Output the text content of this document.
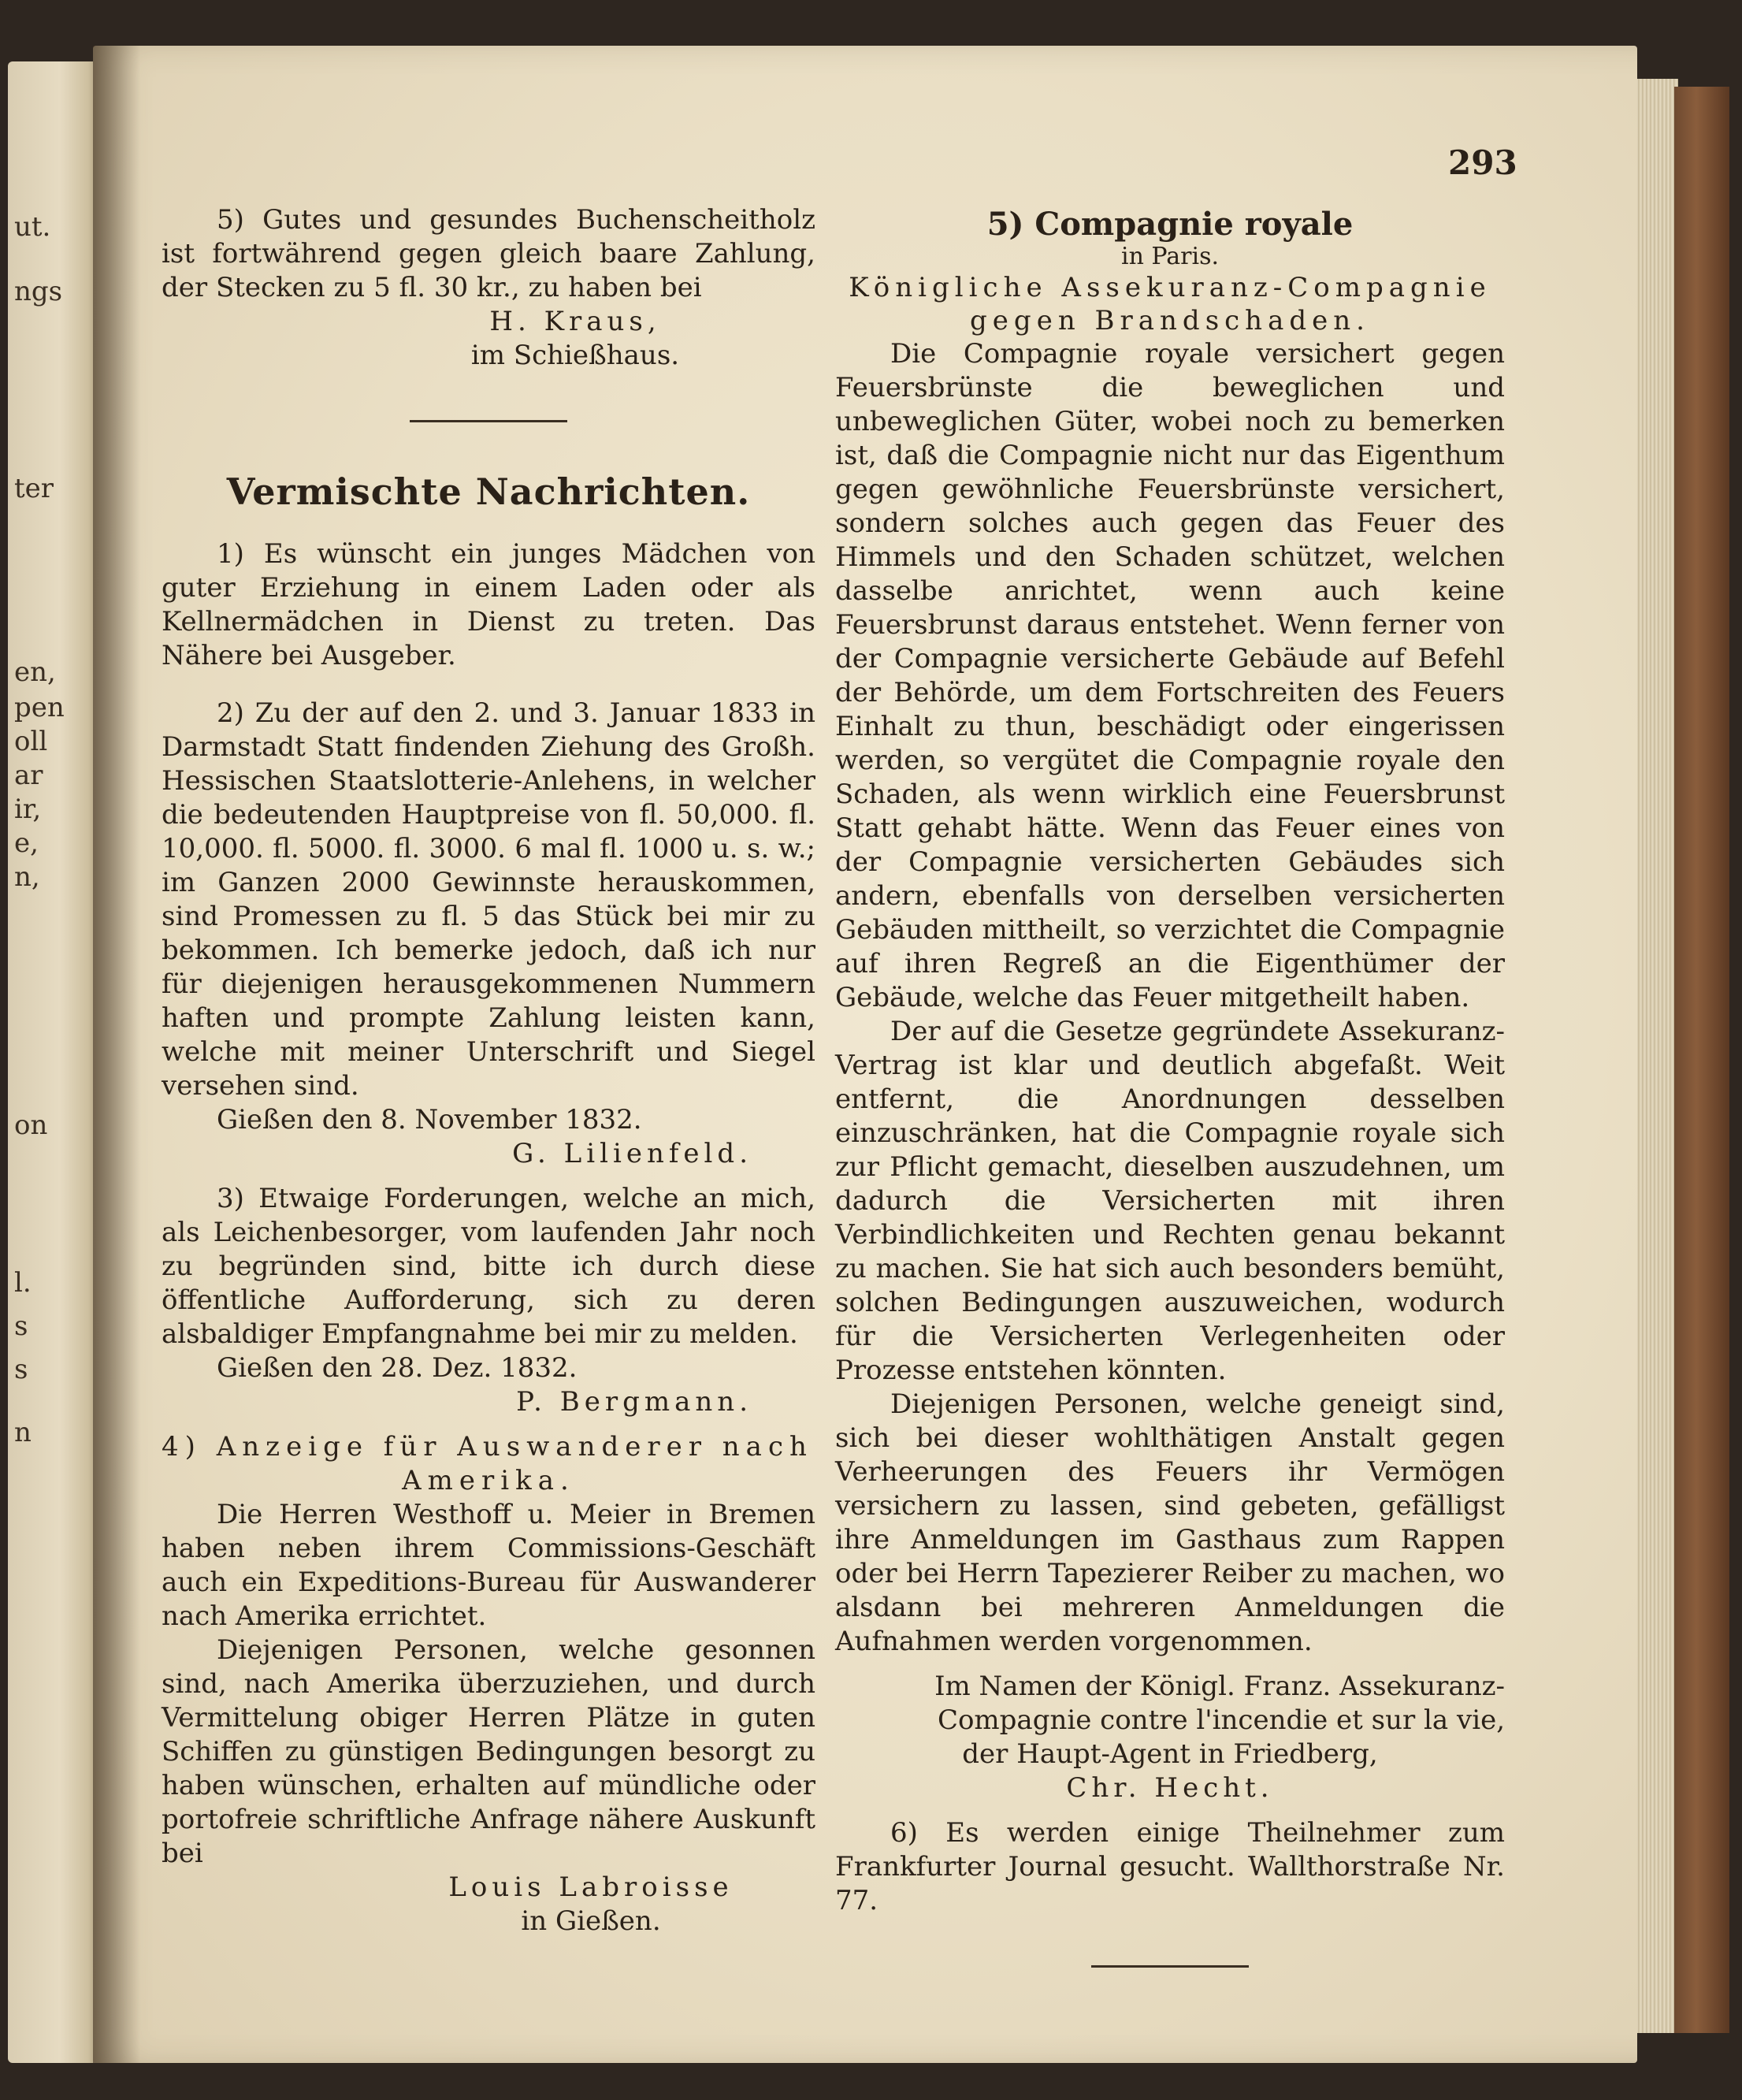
ut.
ngs
ter
en,
pen
oll
ar
ir,
e,
n,
on
l.
s
s
n
293
5) Gutes und gesundes Buchenscheitholz ist fortwährend gegen gleich baare Zahlung, der Stecken zu 5 fl. 30 kr., zu haben bei
H. Kraus,
im Schießhaus.
Vermischte Nachrichten.
1) Es wünscht ein junges Mädchen von guter Erziehung in einem Laden oder als Kellnermädchen in Dienst zu treten. Das Nähere bei Ausgeber.
2) Zu der auf den 2. und 3. Januar 1833 in Darmstadt Statt findenden Ziehung des Großh. Hessischen Staatslotterie-Anlehens, in welcher die bedeutenden Hauptpreise von fl. 50,000. fl. 10,000. fl. 5000. fl. 3000. 6 mal fl. 1000 u. s. w.; im Ganzen 2000 Gewinnste herauskommen, sind Promessen zu fl. 5 das Stück bei mir zu bekommen. Ich bemerke jedoch, daß ich nur für diejenigen herausgekommenen Nummern haften und prompte Zahlung leisten kann, welche mit meiner Unterschrift und Siegel versehen sind.
Gießen den 8. November 1832.
G. Lilienfeld.
3) Etwaige Forderungen, welche an mich, als Leichenbesorger, vom laufenden Jahr noch zu begründen sind, bitte ich durch diese öffentliche Aufforderung, sich zu deren alsbaldiger Empfangnahme bei mir zu melden.
Gießen den 28. Dez. 1832.
P. Bergmann.
4) Anzeige für Auswanderer nach
Amerika.
Die Herren Westhoff u. Meier in Bremen haben neben ihrem Commissions-Geschäft auch ein Expeditions-Bureau für Auswanderer nach Amerika errichtet.
Diejenigen Personen, welche gesonnen sind, nach Amerika überzuziehen, und durch Vermittelung obiger Herren Plätze in guten Schiffen zu günstigen Bedingungen besorgt zu haben wünschen, erhalten auf mündliche oder portofreie schriftliche Anfrage nähere Auskunft bei
Louis Labroisse
in Gießen.
5) Compagnie royale
in Paris.
Königliche Assekuranz-Compagnie
gegen Brandschaden.
Die Compagnie royale versichert gegen Feuersbrünste die beweglichen und unbeweglichen Güter, wobei noch zu bemerken ist, daß die Compagnie nicht nur das Eigenthum gegen gewöhnliche Feuersbrünste versichert, sondern solches auch gegen das Feuer des Himmels und den Schaden schützet, welchen dasselbe anrichtet, wenn auch keine Feuersbrunst daraus entstehet. Wenn ferner von der Compagnie versicherte Gebäude auf Befehl der Behörde, um dem Fortschreiten des Feuers Einhalt zu thun, beschädigt oder eingerissen werden, so vergütet die Compagnie royale den Schaden, als wenn wirklich eine Feuersbrunst Statt gehabt hätte. Wenn das Feuer eines von der Compagnie versicherten Gebäudes sich andern, ebenfalls von derselben versicherten Gebäuden mittheilt, so verzichtet die Compagnie auf ihren Regreß an die Eigenthümer der Gebäude, welche das Feuer mitgetheilt haben.
Der auf die Gesetze gegründete Assekuranz-Vertrag ist klar und deutlich abgefaßt. Weit entfernt, die Anordnungen desselben einzuschränken, hat die Compagnie royale sich zur Pflicht gemacht, dieselben auszudehnen, um dadurch die Versicherten mit ihren Verbindlichkeiten und Rechten genau bekannt zu machen. Sie hat sich auch besonders bemüht, solchen Bedingungen auszuweichen, wodurch für die Versicherten Verlegenheiten oder Prozesse entstehen könnten.
Diejenigen Personen, welche geneigt sind, sich bei dieser wohlthätigen Anstalt gegen Verheerungen des Feuers ihr Vermögen versichern zu lassen, sind gebeten, gefälligst ihre Anmeldungen im Gasthaus zum Rappen oder bei Herrn Tapezierer Reiber zu machen, wo alsdann bei mehreren Anmeldungen die Aufnahmen werden vorgenommen.
Im Namen der Königl. Franz. Assekuranz-
Compagnie contre l'incendie et sur la vie,
der Haupt-Agent in Friedberg,
Chr. Hecht.
6) Es werden einige Theilnehmer zum Frankfurter Journal gesucht. Wallthorstraße Nr. 77.
